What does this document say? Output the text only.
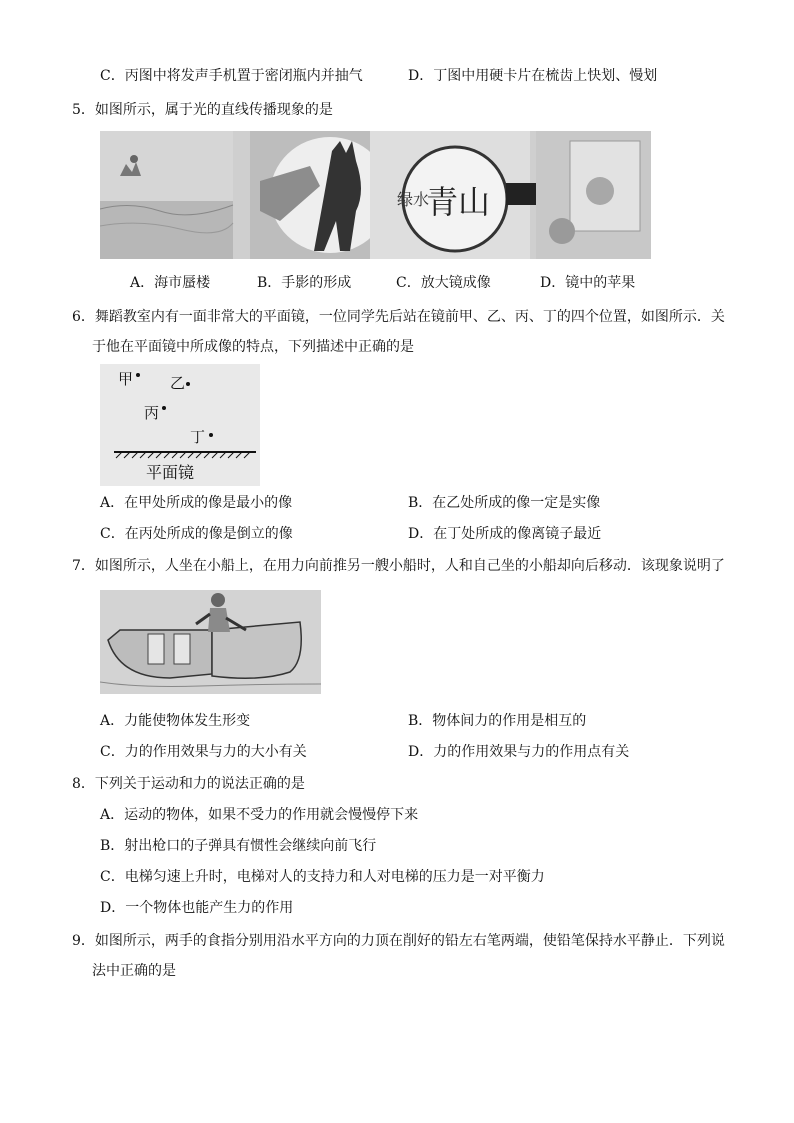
C．丙图中将发声手机置于密闭瓶内并抽气	D．丁图中用硬卡片在梳齿上快划、慢划
5．如图所示，属于光的直线传播现象的是
绿水
青山
A．海市蜃楼	B．手影的形成	C．放大镜成像	D．镜中的苹果
6．舞蹈教室内有一面非常大的平面镜，一位同学先后站在镜前甲、乙、丙、丁的四个位置，如图所示．关
于他在平面镜中所成像的特点，下列描述中正确的是
甲 乙
丙
丁
平面镜
A．在甲处所成的像是最小的像	B．在乙处所成的像一定是实像
C．在丙处所成的像是倒立的像	D．在丁处所成的像离镜子最近
7．如图所示，人坐在小船上，在用力向前推另一艘小船时，人和自己坐的小船却向后移动．该现象说明了
A．力能使物体发生形变	B．物体间力的作用是相互的
C．力的作用效果与力的大小有关	D．力的作用效果与力的作用点有关
8．下列关于运动和力的说法正确的是
A．运动的物体，如果不受力的作用就会慢慢停下来
B．射出枪口的子弹具有惯性会继续向前飞行
C．电梯匀速上升时，电梯对人的支持力和人对电梯的压力是一对平衡力
D．一个物体也能产生力的作用
9．如图所示，两手的食指分别用沿水平方向的力顶在削好的铅左右笔两端，使铅笔保持水平静止．下列说
法中正确的是
